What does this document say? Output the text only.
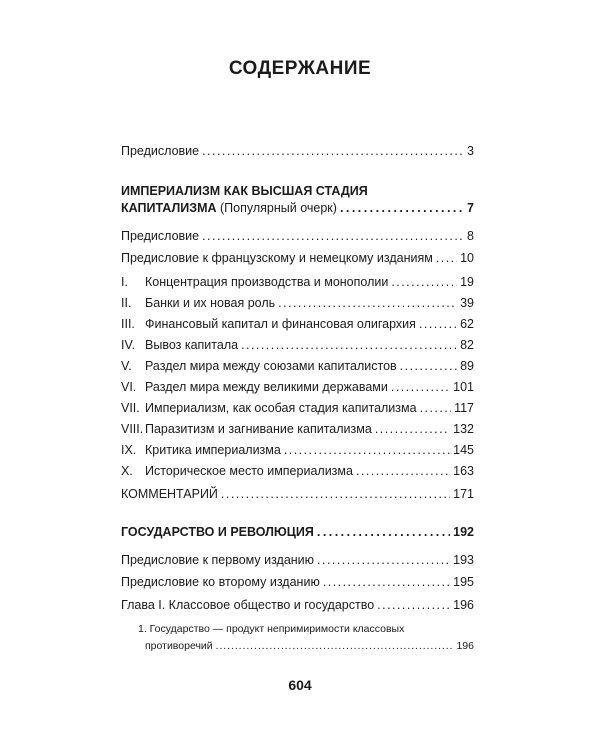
СОДЕРЖАНИЕ
Предисловие . . .	3
ИМПЕРИАЛИЗМ КАК ВЫСШАЯ СТАДИЯ
КАПИТАЛИЗМА (Популярный очерк) . . .	7
Предисловие . . .	8
Предисловие к французскому и немецкому изданиям . . . 10
I. Концентрация производства и монополии . . .	19
II. Банки и их новая роль . . .	39
III. Финансовый капитал и финансовая олигархия . . .	62
IV. Вывоз капитала . . .	82
V. Раздел мира между союзами капиталистов . . .	89
VI. Раздел мира между великими державами . . .	101
VII. Империализм, как особая стадия капитализма . . .	117
VIII. Паразитизм и загнивание капитализма . . .	132
IX. Критика империализма . . .	145
X. Историческое место империализма . . .	163
КОММЕНТАРИЙ . . .	171
ГОСУДАРСТВО И РЕВОЛЮЦИЯ . . .	192
Предисловие к первому изданию . . .	193
Предисловие ко второму изданию . . .	195
Глава I. Классовое общество и государство . . .	196
1. Государство — продукт непримиримости классовых
противоречий . . .	196
604
